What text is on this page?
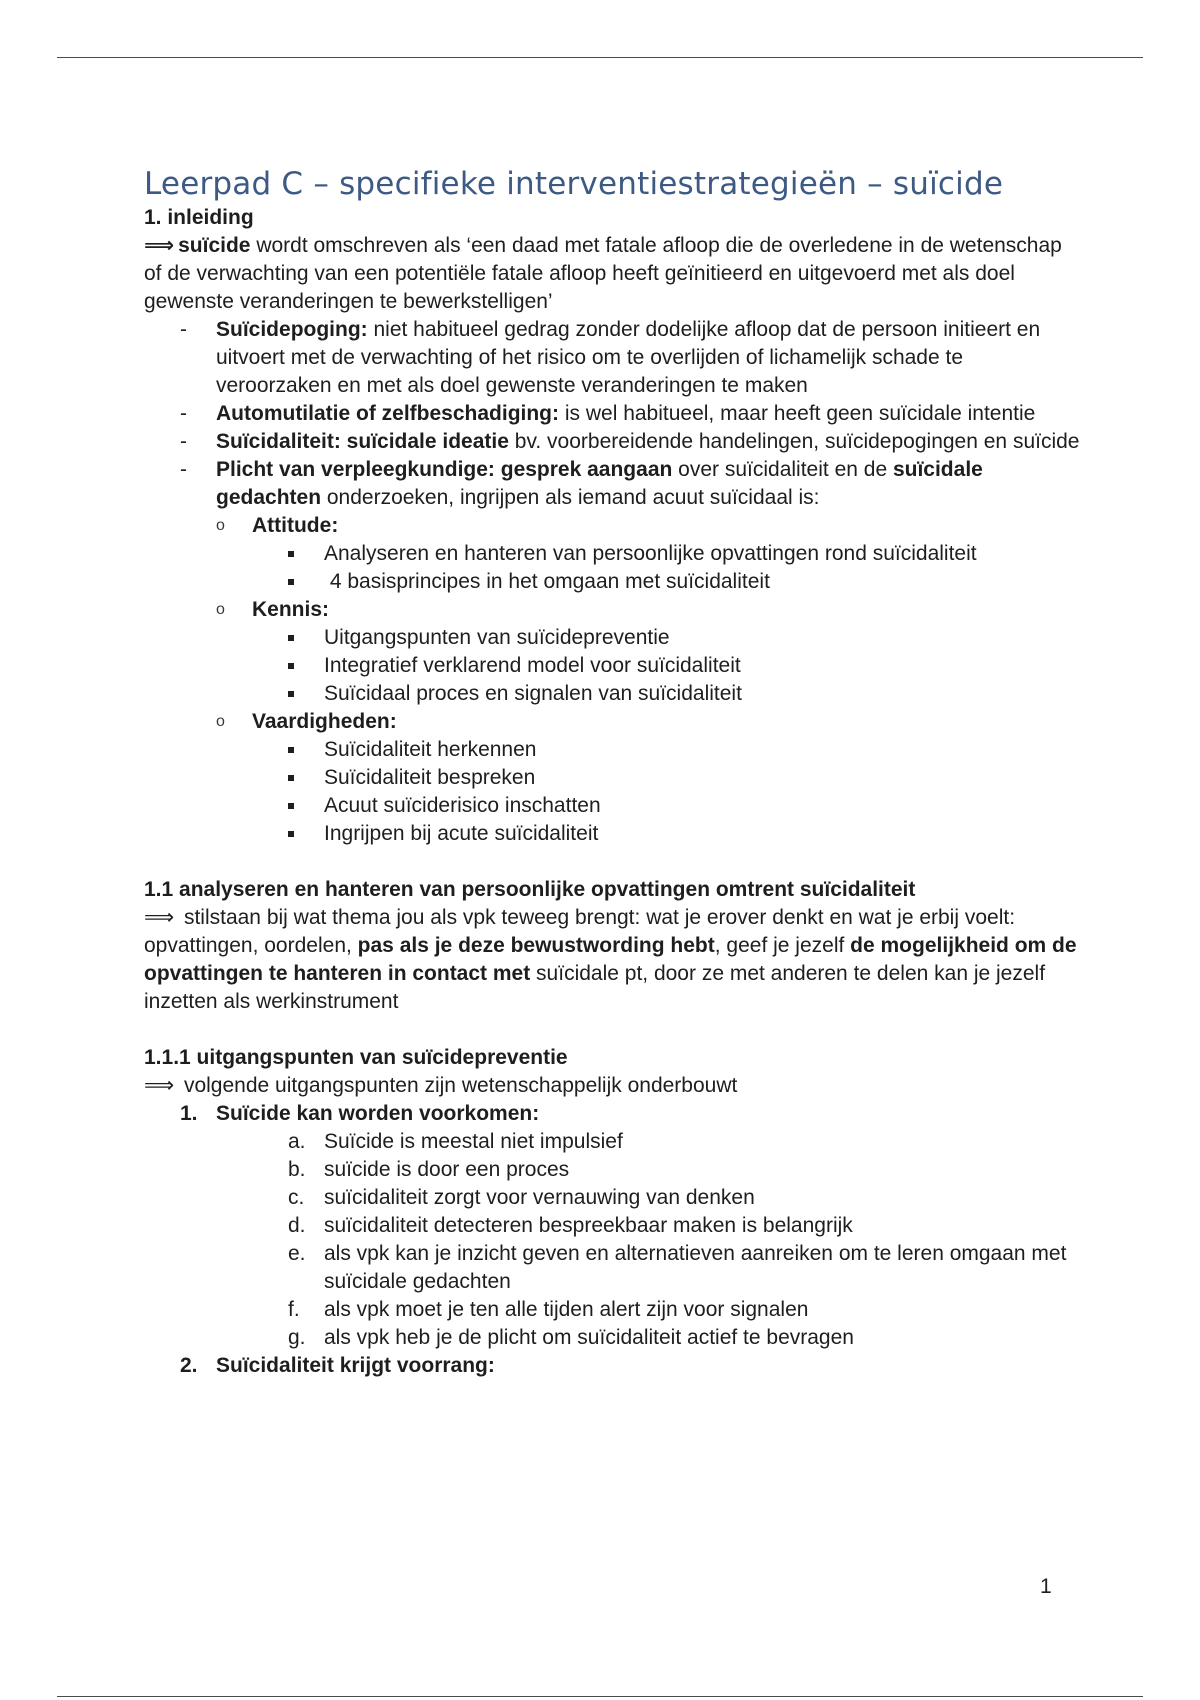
Leerpad C – specifieke interventiestrategieën – suïcide

1. inleiding

⟹ suïcide wordt omschreven als ‘een daad met fatale afloop die de overledene in de wetenschap of de verwachting van een potentiële fatale afloop heeft geïnitieerd en uitgevoerd met als doel gewenste veranderingen te bewerkstelligen’

- Suïcidepoging: niet habitueel gedrag zonder dodelijke afloop dat de persoon initieert en uitvoert met de verwachting of het risico om te overlijden of lichamelijk schade te veroorzaken en met als doel gewenste veranderingen te maken
- Automutilatie of zelfbeschadiging: is wel habitueel, maar heeft geen suïcidale intentie
- Suïcidaliteit: suïcidale ideatie bv. voorbereidende handelingen, suïcidepogingen en suïcide
- Plicht van verpleegkundige: gesprek aangaan over suïcidaliteit en de suïcidale gedachten onderzoeken, ingrijpen als iemand acuut suïcidaal is:
o Attitude:
Analyseren en hanteren van persoonlijke opvattingen rond suïcidaliteit
4 basisprincipes in het omgaan met suïcidaliteit
o Kennis:
Uitgangspunten van suïcidepreventie
Integratief verklarend model voor suïcidaliteit
Suïcidaal proces en signalen van suïcidaliteit
o Vaardigheden:
Suïcidaliteit herkennen
Suïcidaliteit bespreken
Acuut suïciderisico inschatten
Ingrijpen bij acute suïcidaliteit

1.1 analyseren en hanteren van persoonlijke opvattingen omtrent suïcidaliteit

⟹ stilstaan bij wat thema jou als vpk teweeg brengt: wat je erover denkt en wat je erbij voelt: opvattingen, oordelen, pas als je deze bewustwording hebt, geef je jezelf de mogelijkheid om de opvattingen te hanteren in contact met suïcidale pt, door ze met anderen te delen kan je jezelf inzetten als werkinstrument

1.1.1 uitgangspunten van suïcidepreventie

⟹ volgende uitgangspunten zijn wetenschappelijk onderbouwt

1. Suïcide kan worden voorkomen:
a. Suïcide is meestal niet impulsief
b. suïcide is door een proces
c. suïcidaliteit zorgt voor vernauwing van denken
d. suïcidaliteit detecteren bespreekbaar maken is belangrijk
e. als vpk kan je inzicht geven en alternatieven aanreiken om te leren omgaan met suïcidale gedachten
f. als vpk moet je ten alle tijden alert zijn voor signalen
g. als vpk heb je de plicht om suïcidaliteit actief te bevragen
2. Suïcidaliteit krijgt voorrang:
1
